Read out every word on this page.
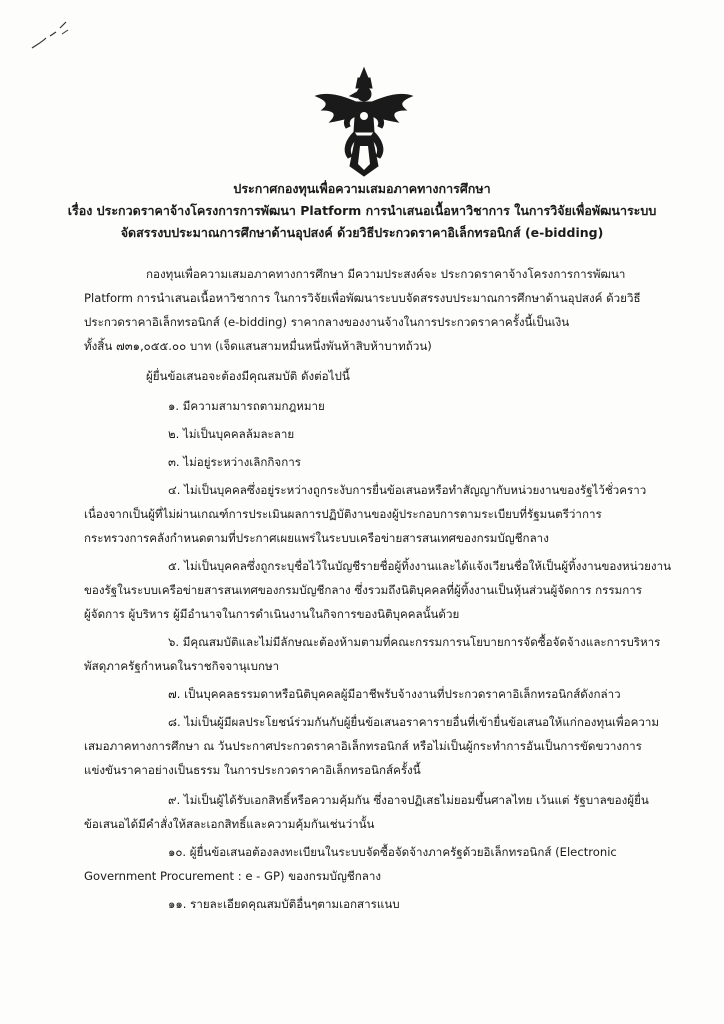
ประกาศกองทุนเพื่อความเสมอภาคทางการศึกษา
เรื่อง ประกวดราคาจ้างโครงการการพัฒนา Platform การนำเสนอเนื้อหาวิชาการ ในการวิจัยเพื่อพัฒนาระบบ
จัดสรรงบประมาณการศึกษาด้านอุปสงค์ ด้วยวิธีประกวดราคาอิเล็กทรอนิกส์ (e-bidding)
กองทุนเพื่อความเสมอภาคทางการศึกษา มีความประสงค์จะ ประกวดราคาจ้างโครงการการพัฒนา
Platform การนำเสนอเนื้อหาวิชาการ ในการวิจัยเพื่อพัฒนาระบบจัดสรรงบประมาณการศึกษาด้านอุปสงค์ ด้วยวิธี
ประกวดราคาอิเล็กทรอนิกส์ (e-bidding) ราคากลางของงานจ้างในการประกวดราคาครั้งนี้เป็นเงิน
ทั้งสิ้น ๗๓๑,๐๕๕.๐๐ บาท (เจ็ดแสนสามหมื่นหนึ่งพันห้าสิบห้าบาทถ้วน)
ผู้ยื่นข้อเสนอจะต้องมีคุณสมบัติ ดังต่อไปนี้
๑. มีความสามารถตามกฎหมาย
๒. ไม่เป็นบุคคลล้มละลาย
๓. ไม่อยู่ระหว่างเลิกกิจการ
๔. ไม่เป็นบุคคลซึ่งอยู่ระหว่างถูกระงับการยื่นข้อเสนอหรือทำสัญญากับหน่วยงานของรัฐไว้ชั่วคราว
เนื่องจากเป็นผู้ที่ไม่ผ่านเกณฑ์การประเมินผลการปฏิบัติงานของผู้ประกอบการตามระเบียบที่รัฐมนตรีว่าการ
กระทรวงการคลังกำหนดตามที่ประกาศเผยแพร่ในระบบเครือข่ายสารสนเทศของกรมบัญชีกลาง
๕. ไม่เป็นบุคคลซึ่งถูกระบุชื่อไว้ในบัญชีรายชื่อผู้ทิ้งงานและได้แจ้งเวียนชื่อให้เป็นผู้ทิ้งงานของหน่วยงาน
ของรัฐในระบบเครือข่ายสารสนเทศของกรมบัญชีกลาง ซึ่งรวมถึงนิติบุคคลที่ผู้ทิ้งงานเป็นหุ้นส่วนผู้จัดการ กรรมการ
ผู้จัดการ ผู้บริหาร ผู้มีอำนาจในการดำเนินงานในกิจการของนิติบุคคลนั้นด้วย
๖. มีคุณสมบัติและไม่มีลักษณะต้องห้ามตามที่คณะกรรมการนโยบายการจัดซื้อจัดจ้างและการบริหาร
พัสดุภาครัฐกำหนดในราชกิจจานุเบกษา
๗. เป็นบุคคลธรรมดาหรือนิติบุคคลผู้มีอาชีพรับจ้างงานที่ประกวดราคาอิเล็กทรอนิกส์ดังกล่าว
๘. ไม่เป็นผู้มีผลประโยชน์ร่วมกันกับผู้ยื่นข้อเสนอราคารายอื่นที่เข้ายื่นข้อเสนอให้แก่กองทุนเพื่อความ
เสมอภาคทางการศึกษา ณ วันประกาศประกวดราคาอิเล็กทรอนิกส์ หรือไม่เป็นผู้กระทำการอันเป็นการขัดขวางการ
แข่งขันราคาอย่างเป็นธรรม ในการประกวดราคาอิเล็กทรอนิกส์ครั้งนี้
๙. ไม่เป็นผู้ได้รับเอกสิทธิ์หรือความคุ้มกัน ซึ่งอาจปฏิเสธไม่ยอมขึ้นศาลไทย เว้นแต่ รัฐบาลของผู้ยื่น
ข้อเสนอได้มีคำสั่งให้สละเอกสิทธิ์และความคุ้มกันเช่นว่านั้น
๑๐. ผู้ยื่นข้อเสนอต้องลงทะเบียนในระบบจัดซื้อจัดจ้างภาครัฐด้วยอิเล็กทรอนิกส์ (Electronic
Government Procurement : e - GP) ของกรมบัญชีกลาง
๑๑. รายละเอียดคุณสมบัติอื่นๆตามเอกสารแนบ
